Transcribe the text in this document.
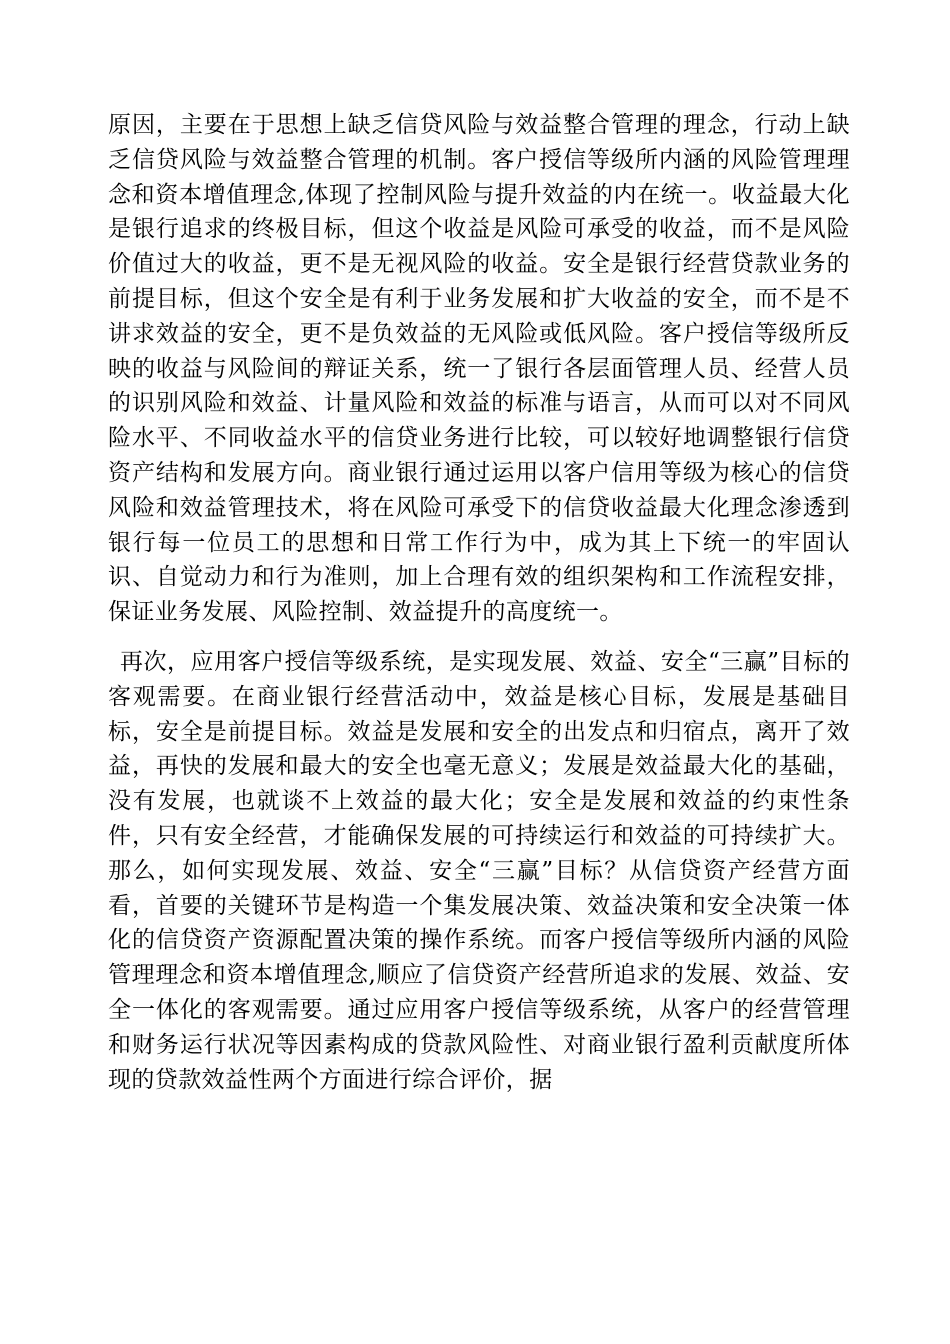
原因，主要在于思想上缺乏信贷风险与效益整合管理的理念，行动上缺乏信贷风险与效益整合管理的机制。客户授信等级所内涵的风险管理理念和资本增值理念,体现了控制风险与提升效益的内在统一。收益最大化是银行追求的终极目标，但这个收益是风险可承受的收益，而不是风险价值过大的收益，更不是无视风险的收益。安全是银行经营贷款业务的前提目标，但这个安全是有利于业务发展和扩大收益的安全，而不是不讲求效益的安全，更不是负效益的无风险或低风险。客户授信等级所反映的收益与风险间的辩证关系，统一了银行各层面管理人员、经营人员的识别风险和效益、计量风险和效益的标准与语言，从而可以对不同风险水平、不同收益水平的信贷业务进行比较，可以较好地调整银行信贷资产结构和发展方向。商业银行通过运用以客户信用等级为核心的信贷风险和效益管理技术，将在风险可承受下的信贷收益最大化理念渗透到银行每一位员工的思想和日常工作行为中，成为其上下统一的牢固认识、自觉动力和行为准则，加上合理有效的组织架构和工作流程安排，保证业务发展、风险控制、效益提升的高度统一。

再次，应用客户授信等级系统，是实现发展、效益、安全“三赢”目标的客观需要。在商业银行经营活动中，效益是核心目标，发展是基础目标，安全是前提目标。效益是发展和安全的出发点和归宿点，离开了效益，再快的发展和最大的安全也毫无意义；发展是效益最大化的基础，没有发展，也就谈不上效益的最大化；安全是发展和效益的约束性条件，只有安全经营，才能确保发展的可持续运行和效益的可持续扩大。那么，如何实现发展、效益、安全“三赢”目标？从信贷资产经营方面看，首要的关键环节是构造一个集发展决策、效益决策和安全决策一体化的信贷资产资源配置决策的操作系统。而客户授信等级所内涵的风险管理理念和资本增值理念,顺应了信贷资产经营所追求的发展、效益、安全一体化的客观需要。通过应用客户授信等级系统，从客户的经营管理和财务运行状况等因素构成的贷款风险性、对商业银行盈利贡献度所体现的贷款效益性两个方面进行综合评价，据
